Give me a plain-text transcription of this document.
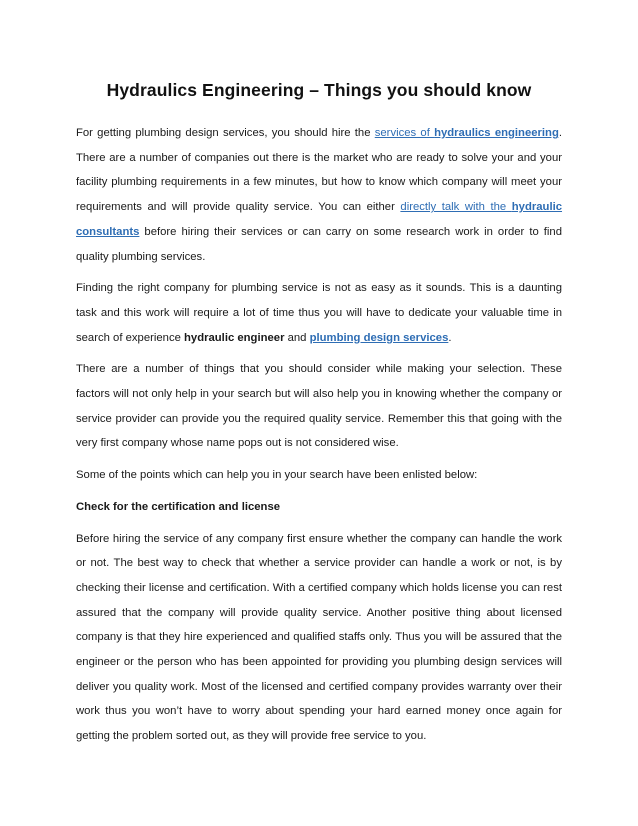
Hydraulics Engineering – Things you should know

For getting plumbing design services, you should hire the services of hydraulics engineering. There are a number of companies out there is the market who are ready to solve your and your facility plumbing requirements in a few minutes, but how to know which company will meet your requirements and will provide quality service. You can either directly talk with the hydraulic consultants before hiring their services or can carry on some research work in order to find quality plumbing services.

Finding the right company for plumbing service is not as easy as it sounds. This is a daunting task and this work will require a lot of time thus you will have to dedicate your valuable time in search of experience hydraulic engineer and plumbing design services.

There are a number of things that you should consider while making your selection. These factors will not only help in your search but will also help you in knowing whether the company or service provider can provide you the required quality service. Remember this that going with the very first company whose name pops out is not considered wise.

Some of the points which can help you in your search have been enlisted below:

Check for the certification and license

Before hiring the service of any company first ensure whether the company can handle the work or not. The best way to check that whether a service provider can handle a work or not, is by checking their license and certification. With a certified company which holds license you can rest assured that the company will provide quality service. Another positive thing about licensed company is that they hire experienced and qualified staffs only. Thus you will be assured that the engineer or the person who has been appointed for providing you plumbing design services will deliver you quality work. Most of the licensed and certified company provides warranty over their work thus you won’t have to worry about spending your hard earned money once again for getting the problem sorted out, as they will provide free service to you.
